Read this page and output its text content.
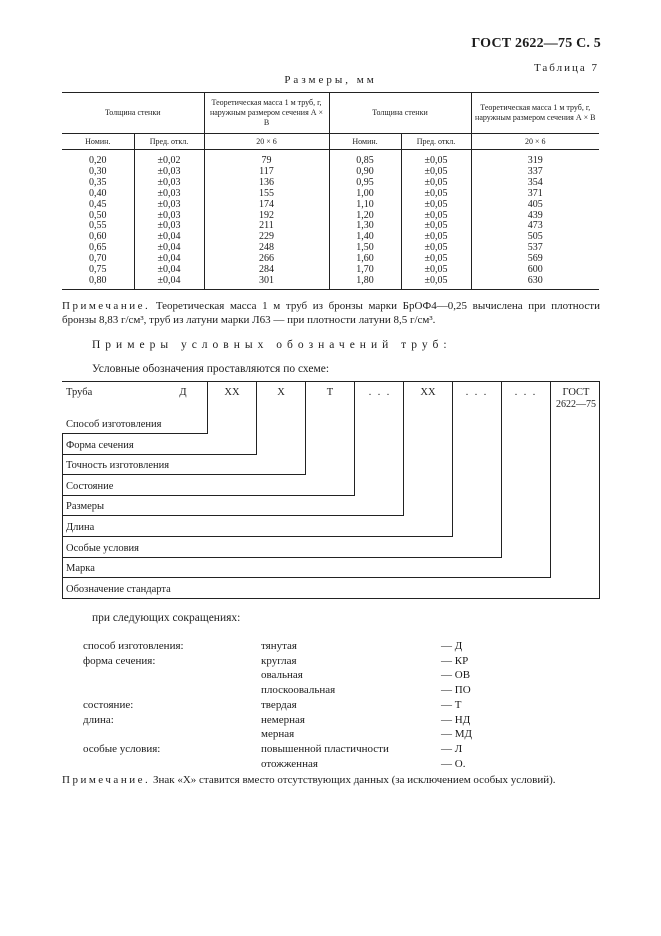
ГОСТ 2622—75 С. 5
Таблица 7
Размеры, мм
Толщина стенки		Теоретическая масса 1 м труб, г, наружным размером сечения А × В	Толщина стенки		Теоретическая масса 1 м труб, г, наружным размером сечения А × В
Номин.	Пред. откл.	20 × 6	Номин.	Пред. откл.	20 × 6
0,20	±0,02	79	0,85	±0,05	319
0,30	±0,03	117	0,90	±0,05	337
0,35	±0,03	136	0,95	±0,05	354
0,40	±0,03	155	1,00	±0,05	371
0,45	±0,03	174	1,10	±0,05	405
0,50	±0,03	192	1,20	±0,05	439
0,55	±0,03	211	1,30	±0,05	473
0,60	±0,04	229	1,40	±0,05	505
0,65	±0,04	248	1,50	±0,05	537
0,70	±0,04	266	1,60	±0,05	569
0,75	±0,04	284	1,70	±0,05	600
0,80	±0,04	301	1,80	±0,05	630
Примечание. Теоретическая масса 1 м труб из бронзы марки БрОФ4—0,25 вычислена при плотности бронзы 8,83 г/см³, труб из латуни марки Л63 — при плотности латуни 8,5 г/см³.
Примеры условных обозначений труб:
Условные обозначения проставляются по схеме:
Труба	Д	ХХ	Х	Т	. . .	ХХ	. . .	. . . ГОСТ
2622—75
Способ изготовления
Форма сечения
Точность изготовления
Состояние
Размеры
Длина
Особые условия
Марка
Обозначение стандарта
при следующих сокращениях:
способ изготовления:	тянутая	— Д
форма сечения:	круглая	— КР
овальная	— ОВ
плоскоовальная	— ПО
состояние:	твердая	— Т
длина:	немерная	— НД
мерная	— МД
особые условия:	повышенной пластичности	— Л
отожженная	— О.
Примечание. Знак «Х» ставится вместо отсутствующих данных (за исключением особых условий).
